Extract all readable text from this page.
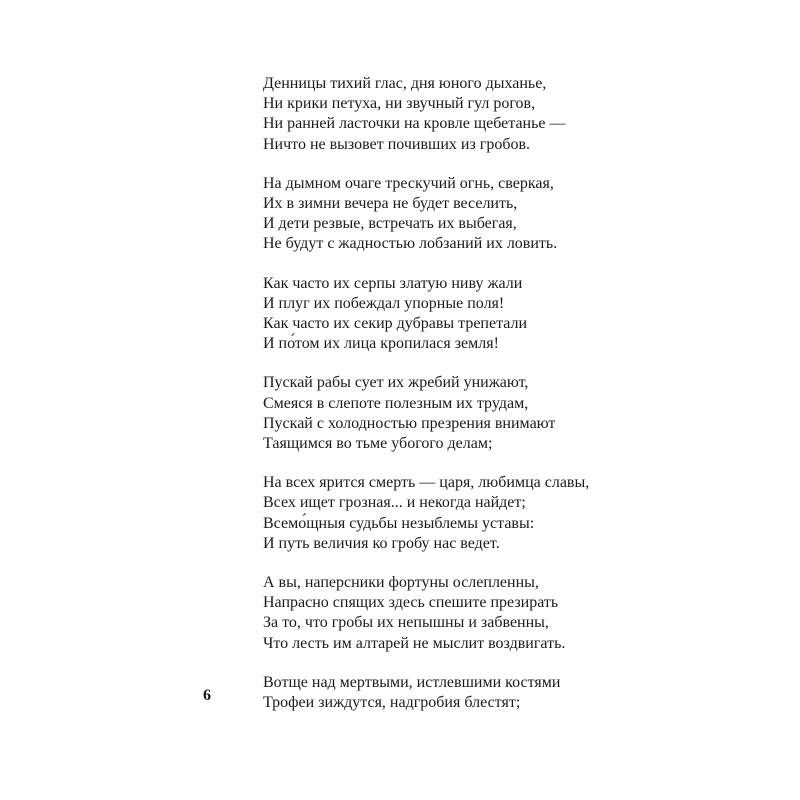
Денницы тихий глас, дня юного дыханье,
Ни крики петуха, ни звучный гул рогов,
Ни ранней ласточки на кровле щебетанье —
Ничто не вызовет почивших из гробов.
На дымном очаге трескучий огнь, сверкая,
Их в зимни вечера не будет веселить,
И дети резвые, встречать их выбегая,
Не будут с жадностью лобзаний их ловить.
Как часто их серпы златую ниву жали
И плуг их побеждал упорные поля!
Как часто их секир дубравы трепетали
И по́том их лица кропилася земля!
Пускай рабы сует их жребий унижают,
Смеяся в слепоте полезным их трудам,
Пускай с холодностью презрения внимают
Таящимся во тьме убогого делам;
На всех ярится смерть — царя, любимца славы,
Всех ищет грозная... и некогда найдет;
Всемо́щныя судьбы незыблемы уставы:
И путь величия ко гробу нас ведет.
А вы, наперсники фортуны ослепленны,
Напрасно спящих здесь спешите презирать
За то, что гробы их непышны и забвенны,
Что лесть им алтарей не мыслит воздвигать.
Вотще над мертвыми, истлевшими костями
Трофеи зиждутся, надгробия блестят;
6
